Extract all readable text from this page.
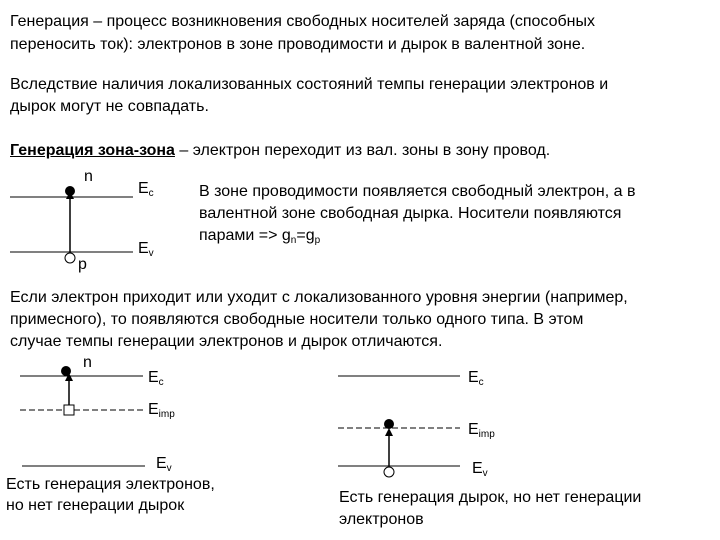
Генерация – процесс возникновения свободных носителей заряда (способных
переносить ток): электронов в зоне проводимости и дырок в валентной зоне.
Вследствие наличия локализованных состояний темпы генерации электронов и
дырок могут не совпадать.
Генерация зона-зона – электрон переходит из вал. зоны в зону провод.
n
$E_c$
$E_v$
p
В зоне проводимости появляется свободный электрон, а в
валентной зоне свободная дырка. Носители появляются
парами => $g_n=g_p$
Если электрон приходит или уходит с локализованного уровня энергии (например,
примесного), то появляются свободные носители только одного типа. В этом
случае темпы генерации электронов и дырок отличаются.
n
$E_c$
$E_{imp}$
$E_v$
Есть генерация электронов,
но нет генерации дырок
$E_c$
$E_{imp}$
$E_v$
Есть генерация дырок, но нет генерации
электронов
